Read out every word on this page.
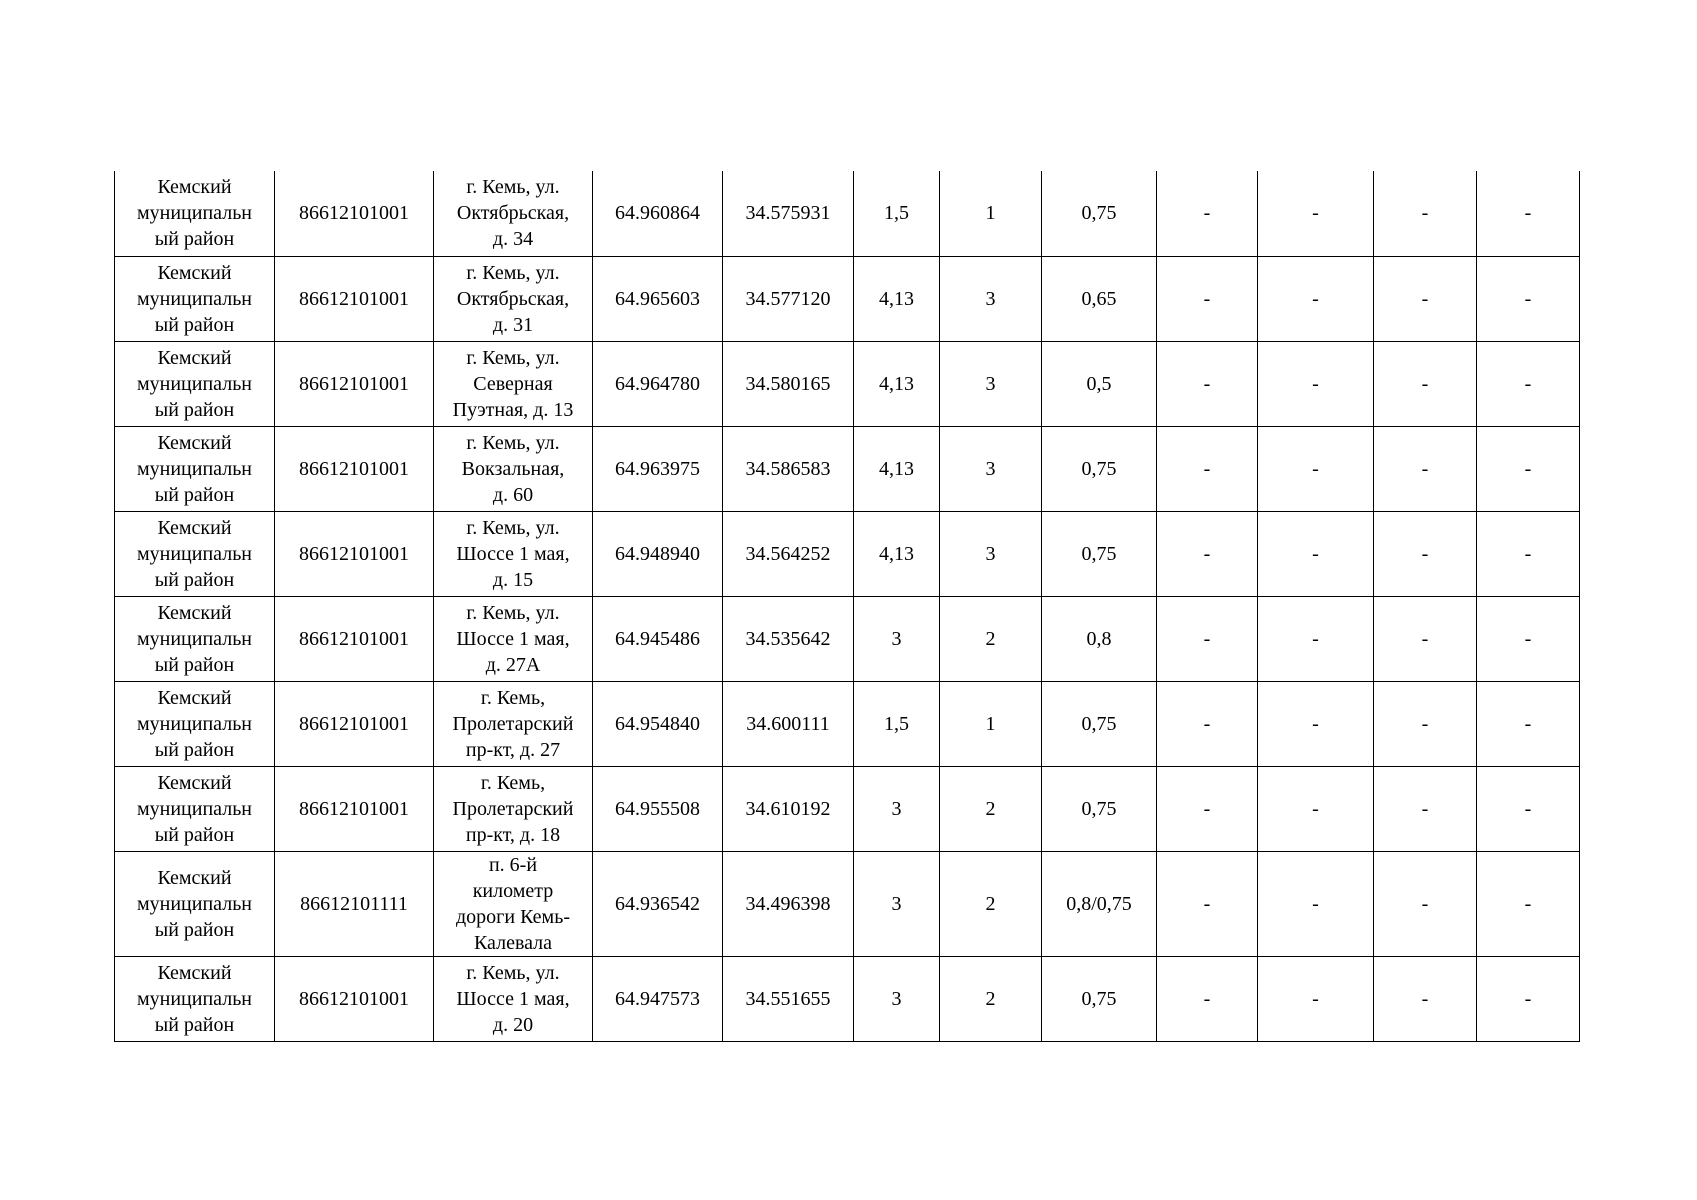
Кемский
муниципальн
ый район	86612101001	г. Кемь, ул.
Октябрьская,
д. 34	64.960864	34.575931	1,5	1	0,75	-	-	-	-

Кемский
муниципальн
ый район	86612101001	г. Кемь, ул.
Октябрьская,
д. 31	64.965603	34.577120	4,13	3	0,65	-	-	-	-

Кемский
муниципальн
ый район	86612101001	г. Кемь, ул.
Северная
Пуэтная, д. 13	64.964780	34.580165	4,13	3	0,5	-	-	-	-

Кемский
муниципальн
ый район	86612101001	г. Кемь, ул.
Вокзальная,
д. 60	64.963975	34.586583	4,13	3	0,75	-	-	-	-

Кемский
муниципальн
ый район	86612101001	г. Кемь, ул.
Шоссе 1 мая,
д. 15	64.948940	34.564252	4,13	3	0,75	-	-	-	-

Кемский
муниципальн
ый район	86612101001	г. Кемь, ул.
Шоссе 1 мая,
д. 27А	64.945486	34.535642	3	2	0,8	-	-	-	-

Кемский
муниципальн
ый район	86612101001	г. Кемь,
Пролетарский
пр-кт, д. 27	64.954840	34.600111	1,5	1	0,75	-	-	-	-

Кемский
муниципальн
ый район	86612101001	г. Кемь,
Пролетарский
пр-кт, д. 18	64.955508	34.610192	3	2	0,75	-	-	-	-

Кемский
муниципальн
ый район	86612101111	п. 6-й
километр
дороги Кемь-
Калевала	64.936542	34.496398	3	2	0,8/0,75	-	-	-	-

Кемский
муниципальн
ый район	86612101001	г. Кемь, ул.
Шоссе 1 мая,
д. 20	64.947573	34.551655	3	2	0,75	-	-	-	-
